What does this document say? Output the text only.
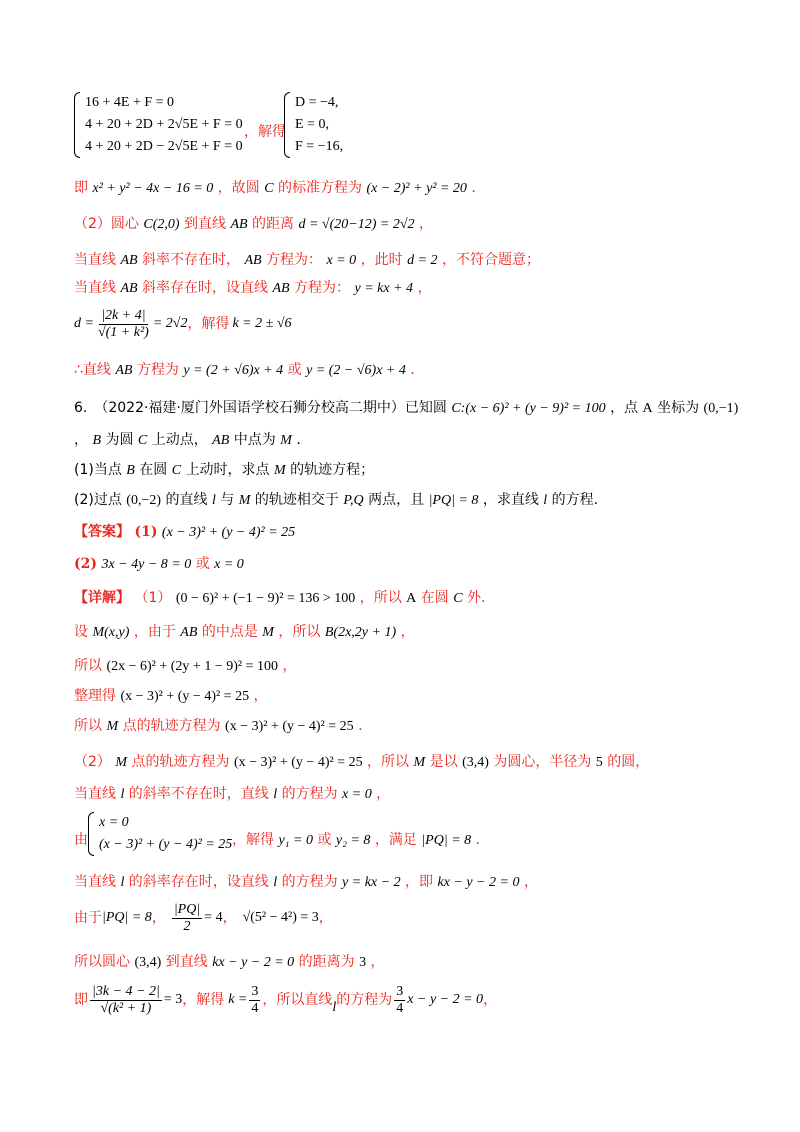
16 + 4E + F = 0
4 + 20 + 2D + 2√5E + F = 0
4 + 20 + 2D − 2√5E + F = 0
，解得
D = −4,
E = 0,
F = −16,
即 x² + y² − 4x − 16 = 0 ，故圆 C 的标准方程为 (x − 2)² + y² = 20 .
（2）圆心 C(2,0) 到直线 AB 的距离 d = √(20−12) = 2√2 ，
当直线 AB 斜率不存在时， AB 方程为： x = 0 ，此时 d = 2 ，不符合题意；
当直线 AB 斜率存在时，设直线 AB 方程为： y = kx + 4 ，
$d = \frac{|2k + 4|}{\text{√(1 + k²)}} = 2√2$ ，解得 k = 2 ± √6
∴直线 AB 方程为 y = (2 + √6)x + 4 或 y = (2 − √6)x + 4 .
6.　（2022·福建·厦门外国语学校石狮分校高二期中）已知圆 C:(x − 6)² + (y − 9)² = 100 ，点 A 坐标为 (0,−1)
， B 为圆 C 上动点， AB 中点为 M .
(1)当点 B 在圆 C 上动时，求点 M 的轨迹方程；
(2)过点 (0,−2) 的直线 l 与 M 的轨迹相交于 P,Q 两点，且 |PQ| = 8 ，求直线 l 的方程.
【答案】 (1) (x − 3)² + (y − 4)² = 25
(2) 3x − 4y − 8 = 0 或 x = 0
【详解】 （1） (0 − 6)² + (−1 − 9)² = 136 > 100 ，所以 A 在圆 C 外.
设 M(x,y) ，由于 AB 的中点是 M ，所以 B(2x,2y + 1) ，
所以 (2x − 6)² + (2y + 1 − 9)² = 100 ，
整理得 (x − 3)² + (y − 4)² = 25 ，
所以 M 点的轨迹方程为 (x − 3)² + (y − 4)² = 25 .
（2） M 点的轨迹方程为 (x − 3)² + (y − 4)² = 25 ，所以 M 是以 (3,4) 为圆心，半径为 5 的圆，
当直线 l 的斜率不存在时，直线 l 的方程为 x = 0 ，
由
x = 0
(x − 3)² + (y − 4)² = 25 ，解得 y₁ = 0 或 y₂ = 8 ，满足 |PQ| = 8 .
当直线 l 的斜率存在时，设直线 l 的方程为 y = kx − 2 ，即 kx − y − 2 = 0 ，
由于 |PQ| = 8 ， $\frac{|PQ|}{2} = 4$ ， √(5² − 4²) = 3 ，
所以圆心 (3,4) 到直线 kx − y − 2 = 0 的距离为 3 ，
即 $\frac{|3k - 4 - 2|}{\text{√(k² + 1)}} = 3$ ，解得 $k = \frac{3}{4}$ ，所以直线 l 的方程为 $\frac{3}{4}$ x − y − 2 = 0 ，
